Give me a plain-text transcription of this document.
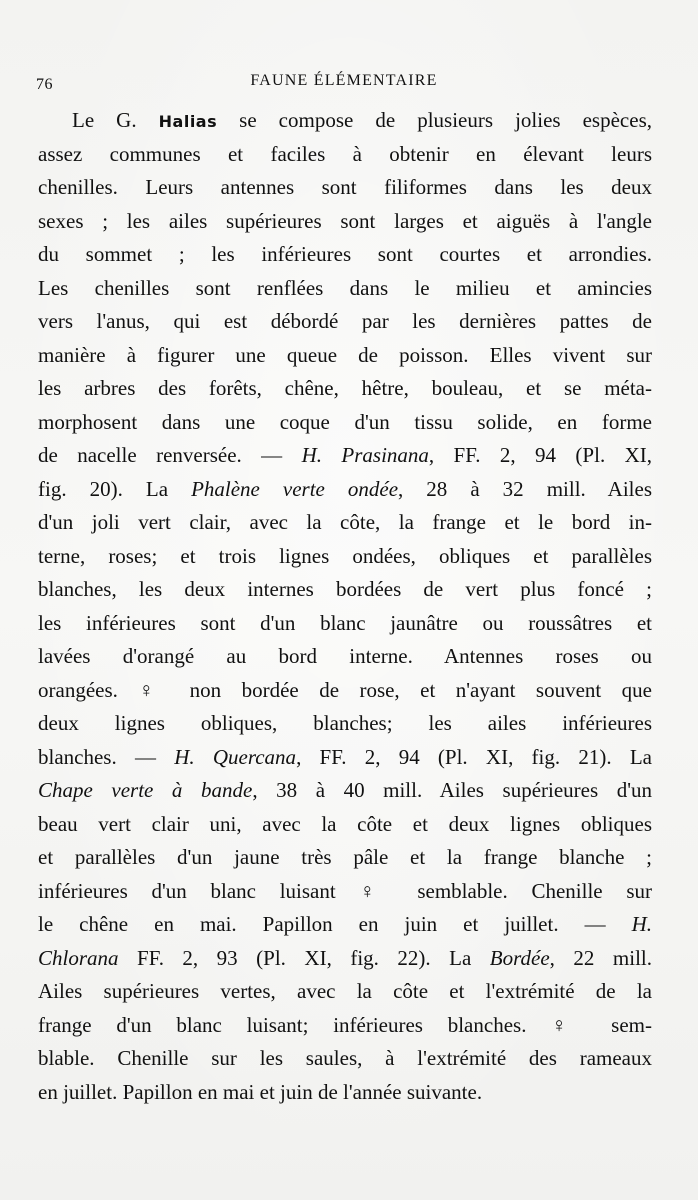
76	FAUNE ÉLÉMENTAIRE
Le G. Halias se compose de plusieurs jolies espèces,
assez communes et faciles à obtenir en élevant leurs
chenilles. Leurs antennes sont filiformes dans les deux
sexes ; les ailes supérieures sont larges et aiguës à l'angle
du sommet ; les inférieures sont courtes et arrondies.
Les chenilles sont renflées dans le milieu et amincies
vers l'anus, qui est débordé par les dernières pattes de
manière à figurer une queue de poisson. Elles vivent sur
les arbres des forêts, chêne, hêtre, bouleau, et se méta-
morphosent dans une coque d'un tissu solide, en forme
de nacelle renversée. — H. Prasinana, FF. 2, 94 (Pl. XI,
fig. 20). La Phalène verte ondée, 28 à 32 mill. Ailes
d'un joli vert clair, avec la côte, la frange et le bord in-
terne, roses; et trois lignes ondées, obliques et parallèles
blanches, les deux internes bordées de vert plus foncé ;
les inférieures sont d'un blanc jaunâtre ou roussâtres et
lavées d'orangé au bord interne. Antennes roses ou
orangées. ♀ non bordée de rose, et n'ayant souvent que
deux lignes obliques, blanches; les ailes inférieures
blanches. — H. Quercana, FF. 2, 94 (Pl. XI, fig. 21). La
Chape verte à bande, 38 à 40 mill. Ailes supérieures d'un
beau vert clair uni, avec la côte et deux lignes obliques
et parallèles d'un jaune très pâle et la frange blanche ;
inférieures d'un blanc luisant ♀ semblable. Chenille sur
le chêne en mai. Papillon en juin et juillet. — H.
Chlorana FF. 2, 93 (Pl. XI, fig. 22). La Bordée, 22 mill.
Ailes supérieures vertes, avec la côte et l'extrémité de la
frange d'un blanc luisant; inférieures blanches. ♀ sem-
blable. Chenille sur les saules, à l'extrémité des rameaux
en juillet. Papillon en mai et juin de l'année suivante.
